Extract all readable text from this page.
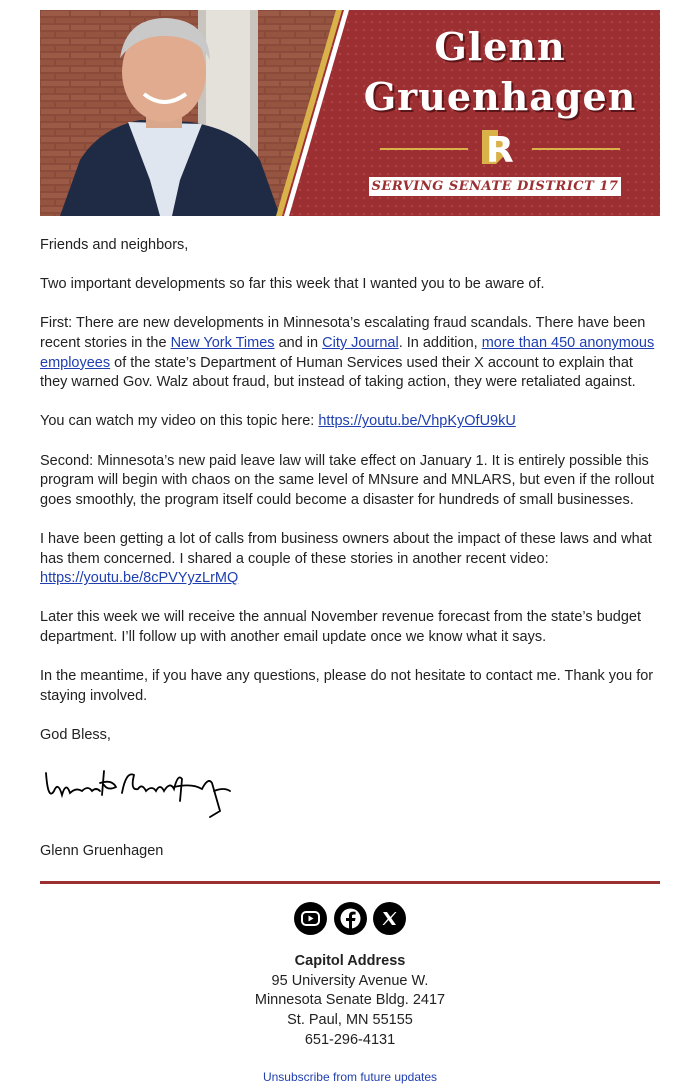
Glenn
Gruenhagen
R
SERVING SENATE DISTRICT 17

Friends and neighbors,

Two important developments so far this week that I wanted you to be aware of.

First: There are new developments in Minnesota’s escalating fraud scandals. There have been recent stories in the New York Times and in City Journal. In addition, more than 450 anonymous employees of the state’s Department of Human Services used their X account to explain that they warned Gov. Walz about fraud, but instead of taking action, they were retaliated against.

You can watch my video on this topic here: https://youtu.be/VhpKyOfU9kU

Second: Minnesota’s new paid leave law will take effect on January 1. It is entirely possible this program will begin with chaos on the same level of MNsure and MNLARS, but even if the rollout goes smoothly, the program itself could become a disaster for hundreds of small businesses.

I have been getting a lot of calls from business owners about the impact of these laws and what has them concerned. I shared a couple of these stories in another recent video: https://youtu.be/8cPVYyzLrMQ

Later this week we will receive the annual November revenue forecast from the state’s budget department. I’ll follow up with another email update once we know what it says.

In the meantime, if you have any questions, please do not hesitate to contact me. Thank you for staying involved.

God Bless,

Glenn Gruenhagen

Capitol Address
95 University Avenue W.
Minnesota Senate Bldg. 2417
St. Paul, MN 55155
651-296-4131
Unsubscribe from future updates
